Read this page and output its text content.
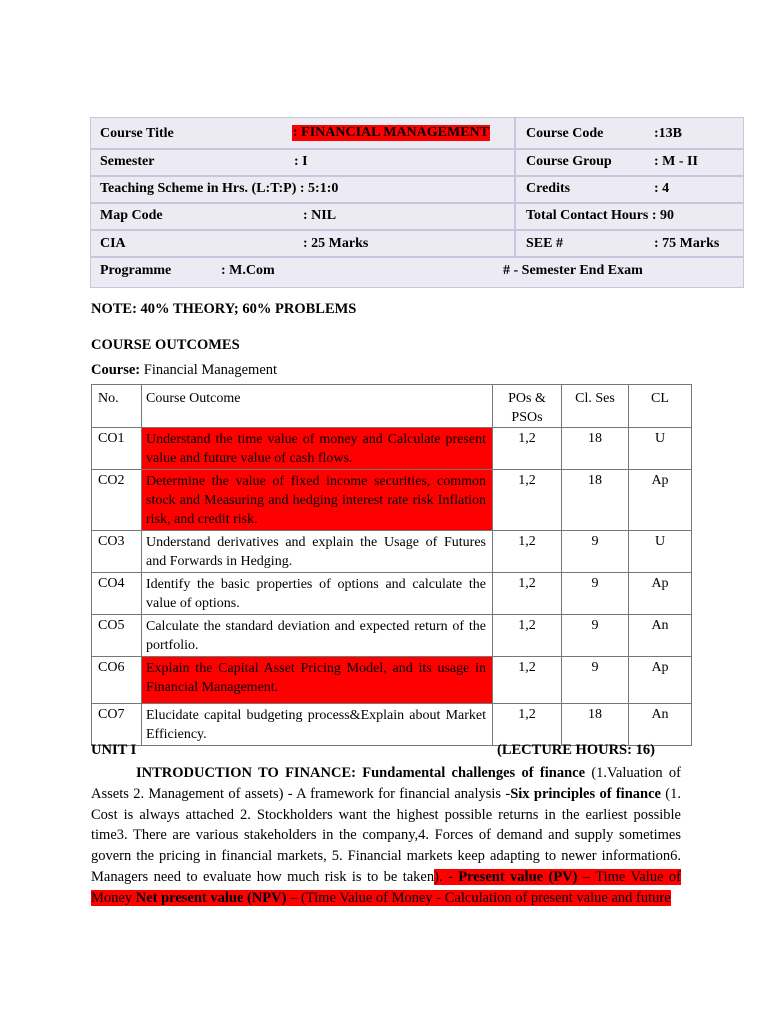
Course Title	: FINANCIAL MANAGEMENT	Course Code	:13B
Semester	: I	Course Group	: M - II
Teaching Scheme in Hrs. (L:T:P) : 5:1:0	Credits	: 4
Map Code	: NIL	Total Contact Hours : 90
CIA	: 25 Marks	SEE #	: 75 Marks
Programme	: M.Com	# - Semester End Exam
NOTE: 40% THEORY; 60% PROBLEMS
COURSE OUTCOMES
Course: Financial Management
No.	Course Outcome	POs & PSOs	Cl. Ses	CL
CO1	Understand the time value of money and Calculate present value and future value of cash flows.	1,2	18	U
CO2	Determine the value of fixed income securities, common stock and Measuring and hedging interest rate risk Inflation risk, and credit risk.	1,2	18	Ap
CO3	Understand derivatives and explain the Usage of Futures and Forwards in Hedging.	1,2	9	U
CO4	Identify the basic properties of options and calculate the value of options.	1,2	9	Ap
CO5	Calculate the standard deviation and expected return of the portfolio.	1,2	9	An
CO6	Explain the Capital Asset Pricing Model, and its usage in Financial Management.	1,2	9	Ap
CO7	Elucidate capital budgeting process&Explain about Market Efficiency.	1,2	18	An
UNIT I	(LECTURE HOURS: 16)
INTRODUCTION TO FINANCE: Fundamental challenges of finance (1.Valuation of Assets 2. Management of assets) - A framework for financial analysis -Six principles of finance (1. Cost is always attached 2. Stockholders want the highest possible returns in the earliest possible time3. There are various stakeholders in the company,4. Forces of demand and supply sometimes govern the pricing in financial markets, 5. Financial markets keep adapting to newer information6. Managers need to evaluate how much risk is to be taken). - Present value (PV) – Time Value of Money Net present value (NPV) – (Time Value of Money - Calculation of present value and future
